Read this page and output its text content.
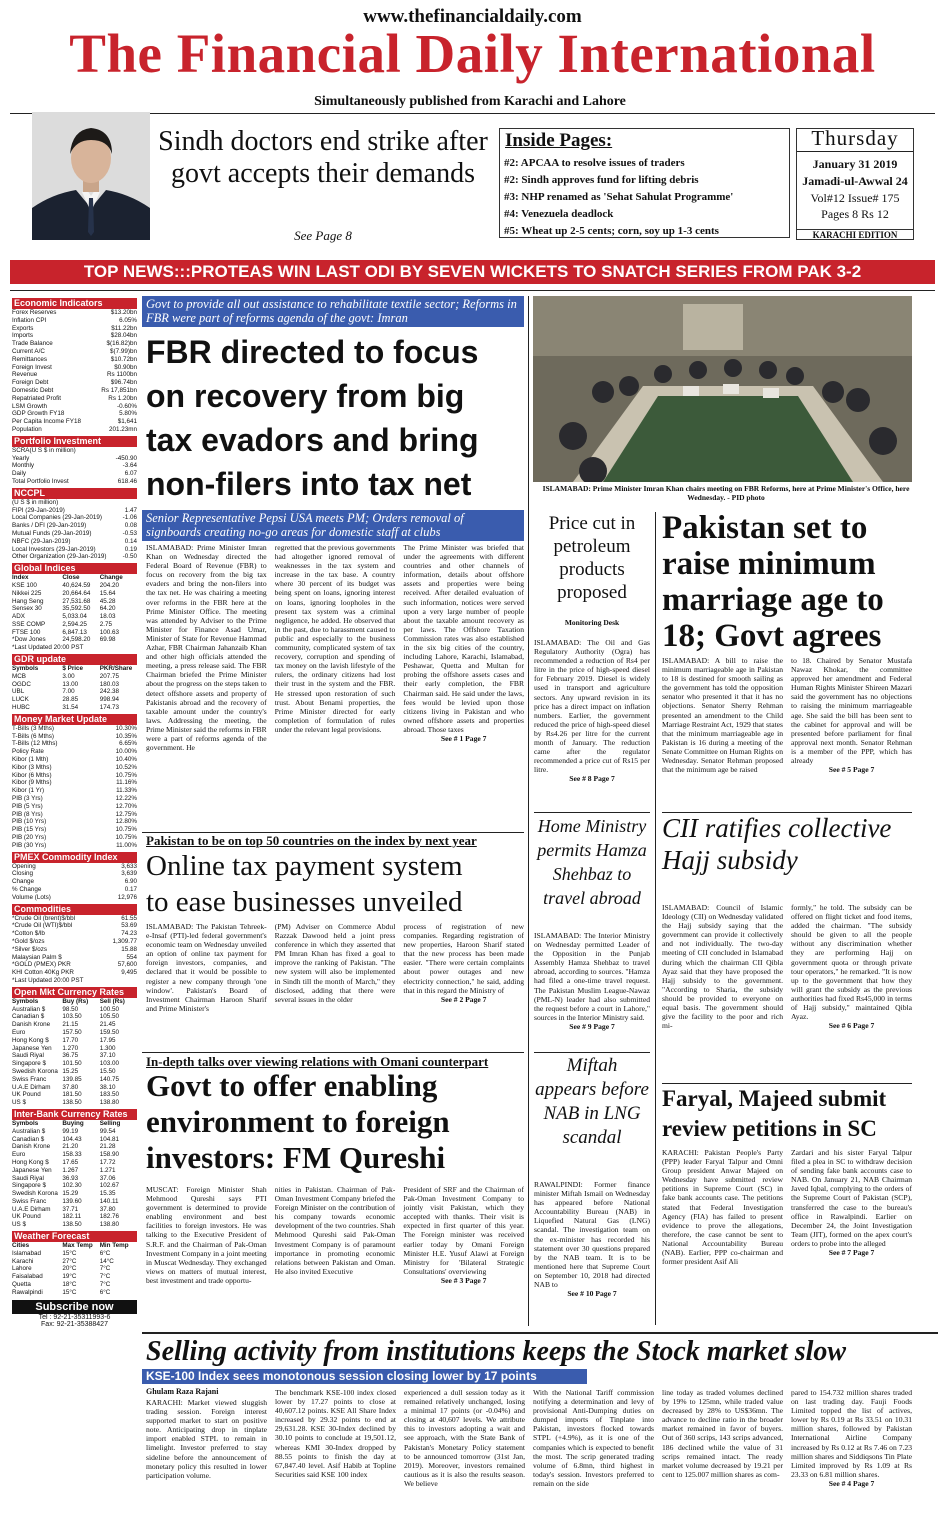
www.thefinancialdaily.com
The Financial Daily International
Simultaneously published from Karachi and Lahore
Sindh doctors end strike after govt accepts their demands
See Page 8
Inside Pages:
#2: APCAA to resolve issues of traders
#2: Sindh approves fund for lifting debris
#3: NHP renamed as 'Sehat Sahulat Programme'
#4: Venezuela deadlock
#5: Wheat up 2-5 cents; corn, soy up 1-3 cents
Thursday
January 31 2019
Jamadi-ul-Awwal 24
Vol#12 Issue# 175
Pages 8 Rs 12
KARACHI EDITION
TOP NEWS:::PROTEAS WIN LAST ODI BY SEVEN WICKETS TO SNATCH SERIES FROM PAK 3-2
Economic Indicators
Forex Reserves	$13.20bn
Inflation CPI	6.05%
Exports	$11.22bn
Imports	$28.04bn
Trade Balance	$(16.82)bn
Current A/C	$(7.99)bn
Remittances	$10.72bn
Foreign Invest	$0.90bn
Revenue	Rs 1100bn
Foreign Debt	$96.74bn
Domestic Debt	Rs 17,851bn
Repatriated Profit	Rs 1.20bn
LSM Growth	-0.60%
GDP Growth FY18	5.80%
Per Capita Income FY18	$1,641
Population	201.23mn
Portfolio Investment
SCRA(U S $ in million)
Yearly	-450.90
Monthly	-3.64
Daily	6.07
Total Portfolio Invest	618.46
NCCPL
(U S $ in million)
FIPI (29-Jan-2019)	1.47
Local Companies (29-Jan-2019)	-1.06
Banks / DFI (29-Jan-2019)	0.08
Mutual Funds (29-Jan-2019)	-0.53
NBFC (29-Jan-2019)	0.14
Local Investors (29-Jan-2019)	0.19
Other Organization (29-Jan-2019)	-0.50
Global Indices
Index	Close	Change
KSE 100	40,624.59	204.20
Nikkei 225	20,664.64	15.64
Hang Seng	27,531.68	45.28
Sensex 30	35,592.50	64.20
ADX	5,033.04	18.03
SSE COMP	2,594.25	2.75
FTSE 100	6,847.13	100.63
*Dow Jones	24,598.20	69.98
*Last Updated 20:00 PST
GDR update
Symbols	$ Price	PKR/Share
MCB	3.00	207.75
OGDC	13.00	180.03
UBL	7.00	242.38
LUCK	28.85	998.94
HUBC	31.54	174.73
Money Market Update
T-Bills (3 Mths)	10.30%
T-Bills (6 Mths)	10.35%
T-Bills (12 Mths)	6.65%
Policy Rate	10.00%
Kibor (1 Mth)	10.40%
Kibor (3 Mths)	10.52%
Kibor (6 Mths)	10.75%
Kibor (9 Mths)	11.16%
Kibor (1 Yr)	11.33%
PIB (3 Yrs)	12.22%
PIB (5 Yrs)	12.70%
PIB (8 Yrs)	12.75%
PIB (10 Yrs)	12.80%
PIB (15 Yrs)	10.75%
PIB (20 Yrs)	10.75%
PIB (30 Yrs)	11.00%
PMEX Commodity Index
Opening	3,633
Closing	3,639
Change	6.90
% Change	0.17
Volume (Lots)	12,976
Commodities
*Crude Oil (brent)$/bbl	61.55
*Crude Oil (WTI)$/bbl	53.69
*Cotton $/lb	74.23
*Gold $/ozs	1,309.77
*Silver $/ozs	15.88
Malaysian Palm $	554
*GOLD (PMEX) PKR	57,600
KHI Cotton 40Kg PKR	9,495
*Last Updated 20:00 PST
Open Mkt Currency Rates
Symbols	Buy (Rs)	Sell (Rs)
Australian $	98.50	100.50
Canadian $	103.50	105.50
Danish Krone	21.15	21.45
Euro	157.50	159.50
Hong Kong $	17.70	17.95
Japanese Yen	1.270	1.300
Saudi Riyal	36.75	37.10
Singapore $	101.50	103.00
Swedish Korona 15.25	15.50
Swiss Franc	139.85	140.75
U.A.E Dirham	37.80	38.10
UK Pound	181.50	183.50
US $	138.50	138.80
Inter-Bank Currency Rates
Symbols	Buying	Selling
Australian $	99.19	99.54
Canadian $	104.43	104.81
Danish Krone	21.20	21.28
Euro	158.33	158.90
Hong Kong $	17.65	17.72
Japanese Yen	1.267	1.271
Saudi Riyal	36.93	37.06
Singapore $	102.30	102.67
Swedish Korona 15.29	15.35
Swiss Franc	139.60	140.11
U.A.E Dirham	37.71	37.80
UK Pound	182.11	182.76
US $	138.50	138.80
Weather Forecast
Cities	Max Temp	Min Temp
Islamabad	15°C	6°C
Karachi	27°C	14°C
Lahore	20°C	7°C
Faisalabad	19°C	7°C
Quetta	18°C	7°C
Rawalpindi	15°C	6°C
Subscribe now
Tel : 92-21-35311993-6
Fax: 92-21-35388427
Govt to provide all out assistance to rehabilitate textile sector; Reforms in FBR were part of reforms agenda of the govt: Imran
FBR directed to focus
on recovery from big
tax evadors and bring
non-filers into tax net
Senior Representative Pepsi USA meets PM; Orders removal of signboards creating no-go areas for domestic staff at clubs
ISLAMABAD: Prime Minister Imran Khan on Wednesday directed the Federal Board of Revenue (FBR) to focus on recovery from the big tax evaders and bring the non-filers into the tax net. He was chairing a meeting over reforms in the FBR here at the Prime Minister Office. The meeting was attended by Adviser to the Prime Minister for Finance Asad Umar, Minister of State for Revenue Hammad Azhar, FBR Chairman Jahanzaib Khan and other high officials attended the meeting, a press release said. The FBR Chairman briefed the Prime Minister about the progress on the steps taken to detect offshore assets and property of Pakistanis abroad and the recovery of taxable amount under the country's laws. Addressing the meeting, the Prime Minister said the reforms in FBR were a part of reforms agenda of the government. He
regretted that the previous governments had altogether ignored removal of weaknesses in the tax system and increase in the tax base. A country where 30 percent of its budget was being spent on loans, ignoring interest on loans, ignoring loopholes in the present tax system was a criminal negligence, he added. He observed that in the past, due to harassment caused to public and especially to the business community, complicated system of tax recovery, corruption and spending of tax money on the lavish lifestyle of the rulers, the ordinary citizens had lost their trust in the system and the FBR. He stressed upon restoration of such trust. About Benami properties, the Prime Minister directed for early completion of formulation of rules under the relevant legal provisions.
The Prime Minister was briefed that under the agreements with different countries and other channels of information, details about offshore assets and properties were being received. After detailed evaluation of such information, notices were served upon a very large number of people about the taxable amount recovery as per laws. The Offshore Taxation Commission rates was also established in the six big cities of the country, including Lahore, Karachi, Islamabad, Peshawar, Quetta and Multan for probing the offshore assets cases and their early completion, the FBR Chairman said. He said under the laws, fees would be levied upon those citizens living in Pakistan and who owned offshore assets and properties abroad. Those taxes
See # 1 Page 7
ISLAMABAD: Prime Minister Imran Khan chairs meeting on FBR Reforms, here at Prime Minister's Office, here Wednesday. - PID photo
Price cut in petroleum products proposed
Monitoring Desk
ISLAMABAD: The Oil and Gas Regulatory Authority (Ogra) has recommended a reduction of Rs4 per litre in the price of high-speed diesel for February 2019. Diesel is widely used in transport and agriculture sectors. Any upward revision in its price has a direct impact on inflation numbers. Earlier, the government reduced the price of high-speed diesel by Rs4.26 per litre for the current month of January. The reduction came after the regulator recommended a price cut of Rs15 per litre.
See # 8 Page 7
Home Ministry permits Hamza Shehbaz to travel abroad
ISLAMABAD: The Interior Ministry on Wednesday permitted Leader of the Opposition in the Punjab Assembly Hamza Shehbaz to travel abroad, according to sources. "Hamza had filed a one-time travel request. The Pakistan Muslim League-Nawaz (PML-N) leader had also submitted the request before a court in Lahore," sources in the Interior Ministry said.
See # 9 Page 7
Miftah appears before NAB in LNG scandal
RAWALPINDI: Former finance minister Miftah Ismail on Wednesday has appeared before National Accountability Bureau (NAB) in Liquefied Natural Gas (LNG) scandal. The investigation team on the ex-minister has recorded his statement over 30 questions prepared by the NAB team. It is to be mentioned here that Supreme Court on September 10, 2018 had directed NAB to
See # 10 Page 7
Pakistan set to
raise minimum
marriage age to
18; Govt agrees
ISLAMABAD: A bill to raise the minimum marriageable age in Pakistan to 18 is destined for smooth sailing as the government has told the opposition senator who presented it that it has no objections. Senator Sherry Rehman presented an amendment to the Child Marriage Restraint Act, 1929 that states that the minimum marriageable age in Pakistan is 16 during a meeting of the Senate Committee on Human Rights on Wednesday. Senator Rehman proposed that the minimum age be raised
to 18. Chaired by Senator Mustafa Nawaz Khokar, the committee approved her amendment and Federal Human Rights Minister Shireen Mazari said the government has no objections to raising the minimum marriageable age. She said the bill has been sent to the cabinet for approval and will be presented before parliament for final approval next month. Senator Rehman is a member of the PPP, which has already
See # 5 Page 7
CII ratifies collective
Hajj subsidy
ISLAMABAD: Council of Islamic Ideology (CII) on Wednesday validated the Hajj subsidy saying that the government can provide it collectively and not individually. The two-day meeting of CII concluded in Islamabad during which the chairman CII Qibla Ayaz said that they have proposed the Hajj subsidy to the government. "According to Sharia, the subsidy should be provided to everyone on equal basis. The government should give the facility to the poor and rich mi-
formly," he told. The subsidy can be offered on flight ticket and food items, added the chairman. "The subsidy should be given to all the people without any discrimination whether they are performing Hajj on government quota or through private tour operators," he remarked. "It is now up to the government that how they will grant the subsidy as the previous authorities had fixed Rs45,000 in terms of Hajj subsidy," maintained Qibla Ayaz.
See # 6 Page 7
Faryal, Majeed submit
review petitions in SC
KARACHI: Pakistan People's Party (PPP) leader Faryal Talpur and Omni Group president Anwar Majeed on Wednesday have submitted review petitions in Supreme Court (SC) in fake bank accounts case. The petitions stated that Federal Investigation Agency (FIA) has failed to present evidence to prove the allegations, therefore, the case cannot be sent to National Accountability Bureau (NAB). Earlier, PPP co-chairman and former president Asif Ali
Zardari and his sister Faryal Talpur filed a plea in SC to withdraw decision of sending fake bank accounts case to NAB. On January 21, NAB Chairman Javed Iqbal, complying to the orders of the Supreme Court of Pakistan (SCP), transferred the case to the bureau's office in Rawalpindi. Earlier on December 24, the Joint Investigation Team (JIT), formed on the apex court's orders to probe into the alleged
See # 7 Page 7
Pakistan to be on top 50 countries on the index by next year
Online tax payment system
to ease businesses unveiled
ISLAMABAD: The Pakistan Tehreek-e-Insaf (PTI)-led federal government's economic team on Wednesday unveiled an option of online tax payment for foreign investors, companies, and declared that it would be possible to register a new company through 'one window'. Pakistan's Board of Investment Chairman Haroon Sharif and Prime Minister's
(PM) Adviser on Commerce Abdul Razzak Dawood held a joint press conference in which they asserted that PM Imran Khan has fixed a goal to improve the ranking of Pakistan. "The new system will also be implemented in Sindh till the month of March," they disclosed, adding that there were several issues in the older
process of registration of new companies. Regarding registration of new properties, Haroon Sharif stated that the new process has been made easier. "There were certain complaints about power outages and new electricity connection," he said, adding that in this regard the Ministry of
See # 2 Page 7
In-depth talks over viewing relations with Omani counterpart
Govt to offer enabling
environment to foreign
investors: FM Qureshi
MUSCAT: Foreign Minister Shah Mehmood Qureshi says PTI government is determined to provide enabling environment and best facilities to foreign investors. He was talking to the Executive President of S.R.F. and the Chairman of Pak-Oman Investment Company in a joint meeting in Muscat Wednesday. They exchanged views on matters of mutual interest, best investment and trade opportu-
nities in Pakistan. Chairman of Pak-Oman Investment Company briefed the Foreign Minister on the contribution of his company towards economic development of the two countries. Shah Mehmood Qureshi said Pak-Oman Investment Company is of paramount importance in promoting economic relations between Pakistan and Oman. He also invited Executive
President of SRF and the Chairman of Pak-Oman Investment Company to jointly visit Pakistan, which they accepted with thanks. Their visit is expected in first quarter of this year. The Foreign minister was received earlier today by Omani Foreign Minister H.E. Yusuf Alawi at Foreign Ministry for 'Bilateral Strategic Consultations' overviewing
See # 3 Page 7
Selling activity from institutions keeps the Stock market slow
KSE-100 Index sees monotonous session closing lower by 17 points
Ghulam Raza Rajani
KARACHI: Market viewed sluggish trading session. Foreign interest supported market to start on positive note. Anticipating drop in tinplate import enabled STPL to remain in limelight. Investor preferred to stay sideline before the announcement of monetary policy this resulted in lower participation volume.
The benchmark KSE-100 index closed lower by 17.27 points to close at 40,607.12 points. KSE All Share Index increased by 29.32 points to end at 29,631.28. KSE 30-Index declined by 30.10 points to conclude at 19,501.12, whereas KMI 30-Index dropped by 88.55 points to finish the day at 67,847.40 level. Asif Habib at Topline Securities said KSE 100 index
experienced a dull session today as it remained relatively unchanged, losing a minimal 17 points (or -0.04%) and closing at 40,607 levels. We attribute this to investors adopting a wait and see approach, with the State Bank of Pakistan's Monetary Policy statement to be announced tomorrow (31st Jan, 2019). Moreover, investors remained cautious as it is also the results season. We believe
With the National Tariff commission notifying a determination and levy of provisional Anti-Dumping duties on dumped imports of Tinplate into Pakistan, investors flocked towards STPL (+4.9%), as it is one of the companies which is expected to benefit the most. The scrip generated trading volume of 6.8mn, third highest in today's session. Investors preferred to remain on the side
line today as traded volumes declined by 19% to 125mn, while traded value decreased by 28% to US$36mn. The advance to decline ratio in the broader market remained in favor of buyers. Out of 360 scrips, 143 scrips advanced, 186 declined while the value of 31 scrips remained intact. The ready market volume decreased by 19.21 per cent to 125.007 million shares as com-
pared to 154.732 million shares traded on last trading day. Fauji Foods Limited topped the list of actives, lower by Rs 0.19 at Rs 33.51 on 10.31 million shares, followed by Pakistan International Airline Company increased by Rs 0.12 at Rs 7.46 on 7.23 million shares and Siddiqsons Tin Plate Limited improved by Rs 1.09 at Rs 23.33 on 6.81 million shares.
See # 4 Page 7
